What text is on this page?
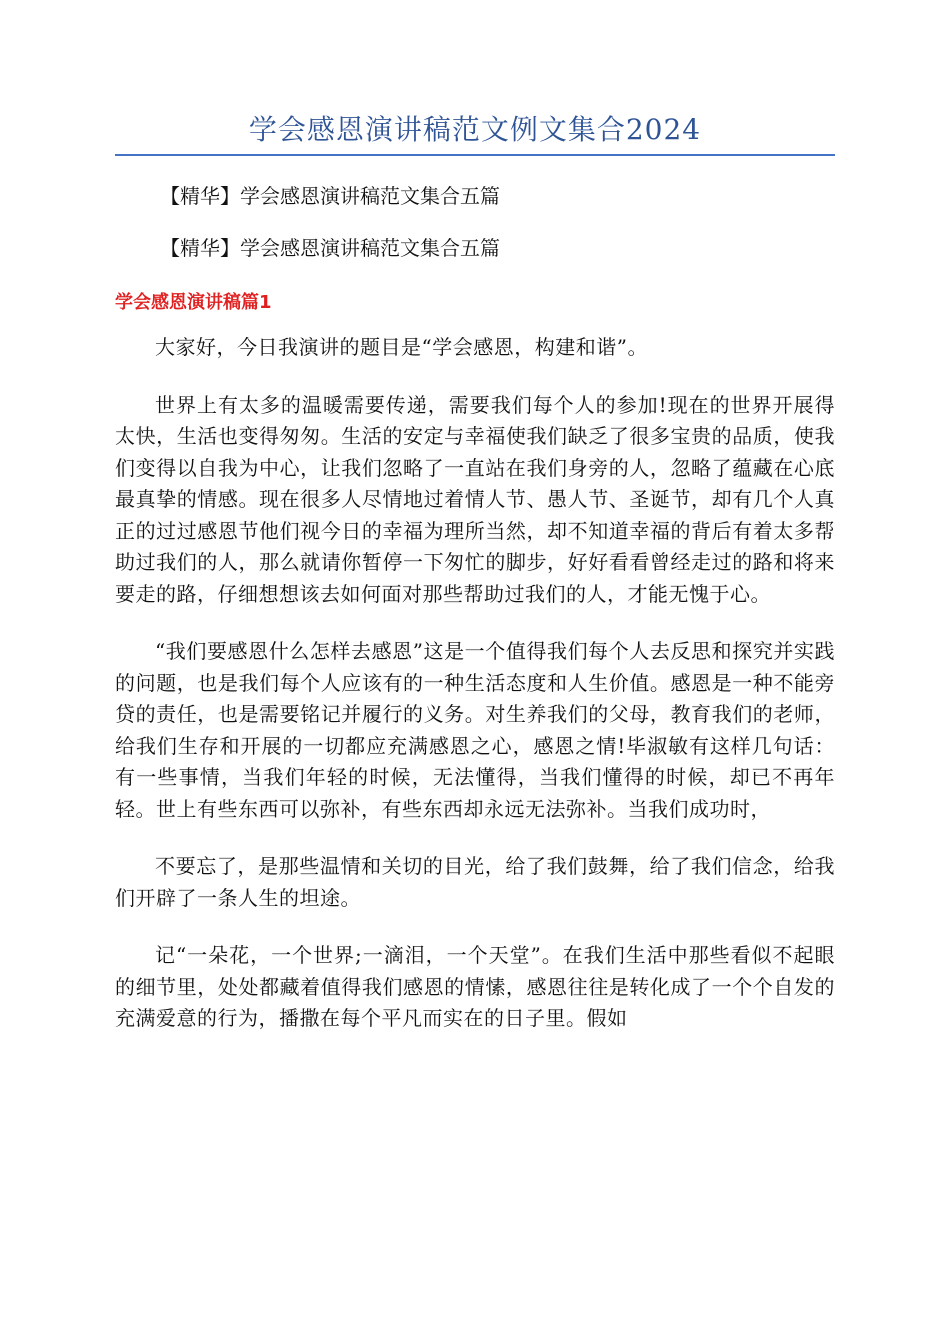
学会感恩演讲稿范文例文集合2024
【精华】学会感恩演讲稿范文集合五篇
【精华】学会感恩演讲稿范文集合五篇
学会感恩演讲稿篇1

大家好，今日我演讲的题目是“学会感恩，构建和谐”。

世界上有太多的温暖需要传递，需要我们每个人的参加!现在的世界开展得太快，生活也变得匆匆。生活的安定与幸福使我们缺乏了很多宝贵的品质，使我们变得以自我为中心，让我们忽略了一直站在我们身旁的人，忽略了蕴藏在心底最真挚的情感。现在很多人尽情地过着情人节、愚人节、圣诞节，却有几个人真正的过过感恩节他们视今日的幸福为理所当然，却不知道幸福的背后有着太多帮助过我们的人，那么就请你暂停一下匆忙的脚步，好好看看曾经走过的路和将来要走的路，仔细想想该去如何面对那些帮助过我们的人，才能无愧于心。

“我们要感恩什么怎样去感恩”这是一个值得我们每个人去反思和探究并实践的问题，也是我们每个人应该有的一种生活态度和人生价值。感恩是一种不能旁贷的责任，也是需要铭记并履行的义务。对生养我们的父母，教育我们的老师，给我们生存和开展的一切都应充满感恩之心，感恩之情!毕淑敏有这样几句话：有一些事情，当我们年轻的时候，无法懂得，当我们懂得的时候，却已不再年轻。世上有些东西可以弥补，有些东西却永远无法弥补。当我们成功时，

不要忘了，是那些温情和关切的目光，给了我们鼓舞，给了我们信念，给我们开辟了一条人生的坦途。

记“一朵花，一个世界;一滴泪，一个天堂”。在我们生活中那些看似不起眼的细节里，处处都藏着值得我们感恩的情愫，感恩往往是转化成了一个个自发的充满爱意的行为，播撒在每个平凡而实在的日子里。假如
